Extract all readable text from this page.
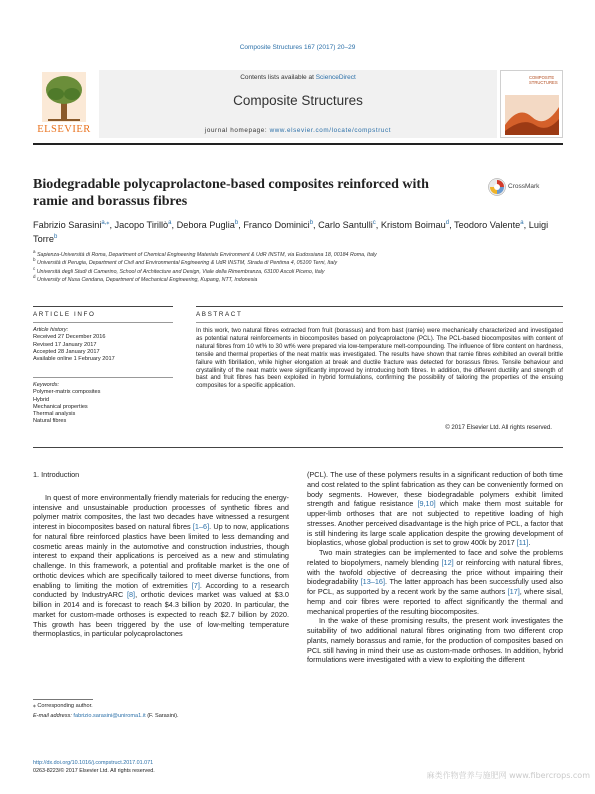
Composite Structures 167 (2017) 20–29
ELSEVIER
Contents lists available at ScienceDirect
Composite Structures
journal homepage: www.elsevier.com/locate/compstruct
COMPOSITE
STRUCTURES
Biodegradable polycaprolactone-based composites reinforced with ramie and borassus fibres
CrossMark
Fabrizio Sarasini$^{a,⁎}$, Jacopo Tirillò$^a$, Debora Puglia$^b$, Franco Dominici$^b$, Carlo Santulli$^c$, Kristom Boimau$^d$, Teodoro Valente$^a$, Luigi Torre$^b$
$^a$ Sapienza-Università di Roma, Department of Chemical Engineering Materials Environment & UdR INSTM, via Eudossiana 18, 00184 Roma, Italy
$^b$ Università di Perugia, Department of Civil and Environmental Engineering & UdR INSTM, Strada di Pentima 4, 05100 Terni, Italy
$^c$ Università degli Studi di Camerino, School of Architecture and Design, Viale della Rimembranza, 63100 Ascoli Piceno, Italy
$^d$ University of Nusa Cendana, Department of Mechanical Engineering, Kupang, NTT, Indonesia
ARTICLE INFO	ABSTRACT
Article history:
Received 27 December 2016
Revised 17 January 2017
Accepted 28 January 2017
Available online 1 February 2017
Keywords:
Polymer-matrix composites
Hybrid
Mechanical properties
Thermal analysis
Natural fibres
In this work, two natural fibres extracted from fruit (borassus) and from bast (ramie) were mechanically characterized and investigated as potential natural reinforcements in biocomposites based on polycaprolactone (PCL). The PCL-based biocomposites with content of natural fibres from 10 wt% to 30 wt% were prepared via low-temperature melt-compounding. The influence of fibre content on hardness, tensile and thermal properties of the neat matrix was investigated. The results have shown that ramie fibres exhibited an overall brittle failure with fibrillation, while higher elongation at break and ductile fracture was detected for borassus fibres. Tensile behaviour and crystallinity of the neat matrix were significantly improved by introducing both fibres. In addition, the different ductility and strength of bast and fruit fibres has been exploited in hybrid formulations, confirming the possibility of tailoring the properties of the ensuing composites for a specific application.
© 2017 Elsevier Ltd. All rights reserved.
1. Introduction

In quest of more environmentally friendly materials for reducing the energy-intensive and unsustainable production processes of synthetic fibres and polymer matrix composites, the last two decades have witnessed a resurgent interest in biocomposites based on natural fibres [1–6]. Up to now, applications for natural fibre reinforced plastics have been limited to less demanding and cosmetic areas mainly in the automotive and construction industries, though interest to expand their applications is perceived as a new and stimulating challenge. In this framework, a potential and profitable market is the one of orthotic devices which are specifically tailored to meet diverse functions, from enabling to limiting the motion of extremities [7]. According to a research conducted by IndustryARC [8], orthotic devices market was valued at $3.0 billion in 2014 and is forecast to reach $4.3 billion by 2020. In particular, the market for custom-made orthoses is expected to reach $2.7 billion by 2020. This growth has been triggered by the use of low-melting temperature thermoplastics, in particular polycaprolactones

(PCL). The use of these polymers results in a significant reduction of both time and cost related to the splint fabrication as they can be conveniently formed on body segments. However, these biodegradable polymers exhibit limited strength and fatigue resistance [9,10] which make them most suitable for upper-limb orthoses that are not subjected to repetitive loading of high stresses. Another perceived disadvantage is the high price of PCL, a factor that is still hindering its large scale application despite the growing development of bioplastics, whose global production is set to grow 400k by 2017 [11].

Two main strategies can be implemented to face and solve the problems related to biopolymers, namely blending [12] or reinforcing with natural fibres, with the twofold objective of decreasing the price without impairing their biodegradability [13–16]. The latter approach has been successfully used also for PCL, as supported by a recent work by the same authors [17], where sisal, hemp and coir fibres were reported to affect significantly the thermal and mechanical properties of the resulting biocomposites.

In the wake of these promising results, the present work investigates the suitability of two additional natural fibres originating from two different crop plants, namely borassus and ramie, for the production of composites based on PCL still having in mind their use as custom-made orthoses. In addition, hybrid formulations were investigated with a view to exploiting the different

⁎ Corresponding author.
E-mail address: fabrizio.sarasini@uniroma1.it (F. Sarasini).
http://dx.doi.org/10.1016/j.compstruct.2017.01.071
0263-8223/© 2017 Elsevier Ltd. All rights reserved.
麻类作物营养与施肥网 www.fibercrops.com
